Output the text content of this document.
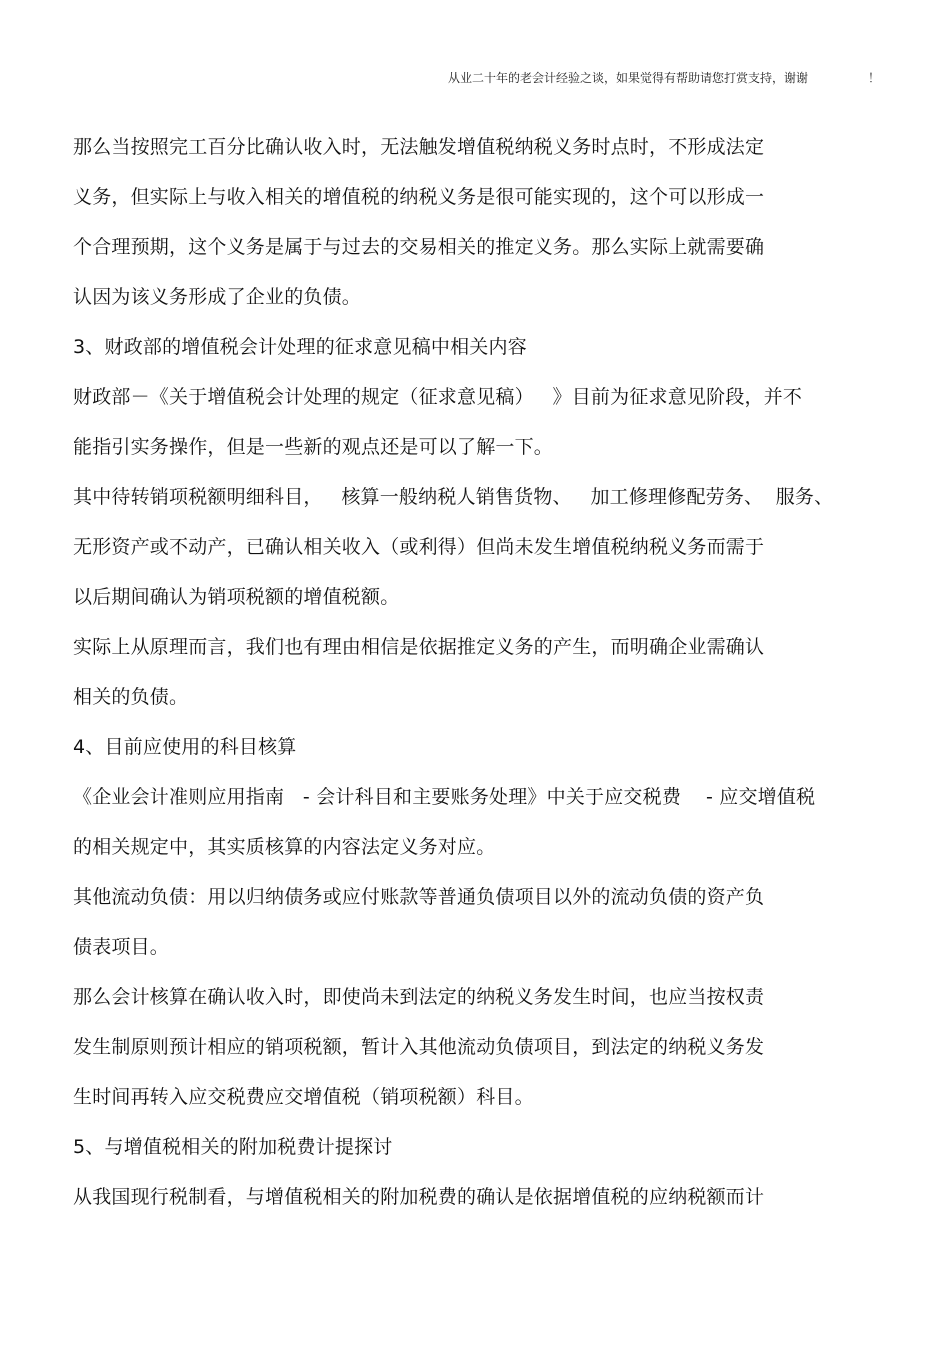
从业二十年的老会计经验之谈，如果觉得有帮助请您打赏支持，谢谢	！
那么当按照完工百分比确认收入时，无法触发增值税纳税义务时点时，不形成法定
义务，但实际上与收入相关的增值税的纳税义务是很可能实现的，这个可以形成一
个合理预期，这个义务是属于与过去的交易相关的推定义务。那么实际上就需要确
认因为该义务形成了企业的负债。
3、财政部的增值税会计处理的征求意见稿中相关内容
财政部－《关于增值税会计处理的规定（征求意见稿）   》目前为征求意见阶段，并不
能指引实务操作，但是一些新的观点还是可以了解一下。
其中待转销项税额明细科目，   核算一般纳税人销售货物、   加工修理修配劳务、  服务、
无形资产或不动产，已确认相关收入（或利得）但尚未发生增值税纳税义务而需于
以后期间确认为销项税额的增值税额。
实际上从原理而言，我们也有理由相信是依据推定义务的产生，而明确企业需确认
相关的负债。
4、目前应使用的科目核算
《企业会计准则应用指南   - 会计科目和主要账务处理》中关于应交税费    - 应交增值税
的相关规定中，其实质核算的内容法定义务对应。
其他流动负债：用以归纳债务或应付账款等普通负债项目以外的流动负债的资产负
债表项目。
那么会计核算在确认收入时，即使尚未到法定的纳税义务发生时间，也应当按权责
发生制原则预计相应的销项税额，暂计入其他流动负债项目，到法定的纳税义务发
生时间再转入应交税费应交增值税（销项税额）科目。
5、与增值税相关的附加税费计提探讨
从我国现行税制看，与增值税相关的附加税费的确认是依据增值税的应纳税额而计
